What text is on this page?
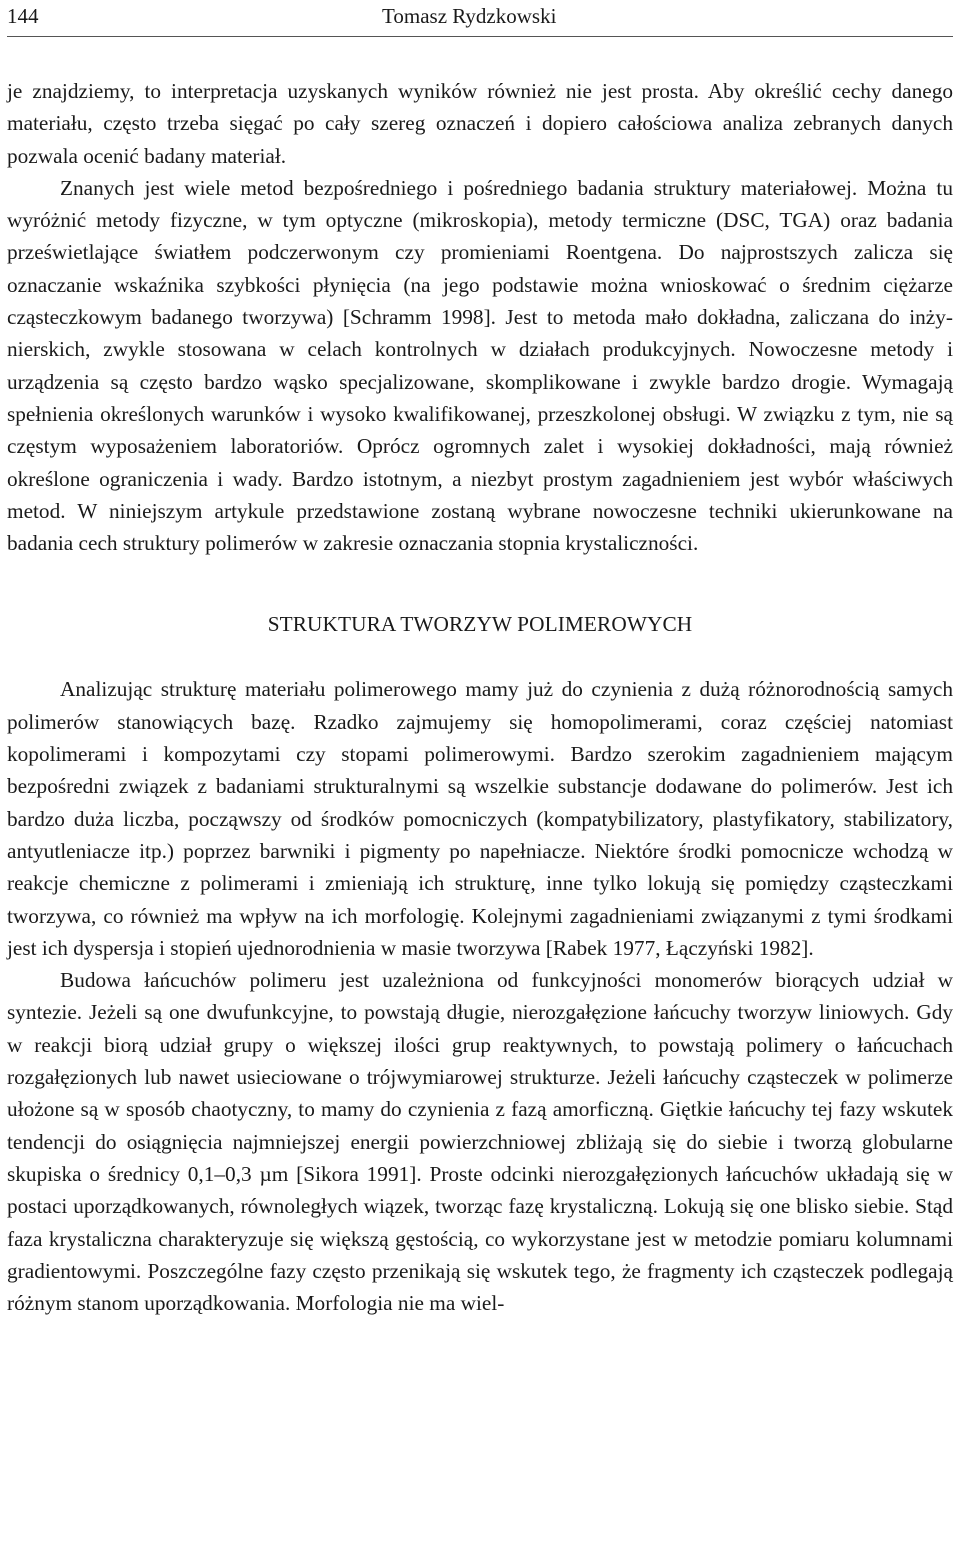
144	Tomasz Rydzkowski

je znajdziemy, to interpretacja uzyskanych wyników również nie jest prosta. Aby określić cechy danego materiału, często trzeba sięgać po cały szereg oznaczeń i dopiero całościowa analiza zebranych danych pozwala ocenić badany materiał.

Znanych jest wiele metod bezpośredniego i pośredniego badania struktury materiałowej. Można tu wyróżnić metody fizyczne, w tym optyczne (mikroskopia), metody termiczne (DSC, TGA) oraz badania prześwietlające światłem podczerwonym czy promieniami Roentgena. Do najprostszych zalicza się oznaczanie wskaźnika szybkości płynięcia (na jego podstawie można wnioskować o średnim ciężarze cząsteczkowym badanego tworzywa) [Schramm 1998]. Jest to metoda mało dokładna, zaliczana do inżynierskich, zwykle stosowana w celach kontrolnych w działach produkcyjnych. Nowoczesne metody i urządzenia są często bardzo wąsko specjalizowane, skomplikowane i zwykle bardzo drogie. Wymagają spełnienia określonych warunków i wysoko kwalifikowanej, przeszkolonej obsługi. W związku z tym, nie są częstym wyposażeniem laboratoriów. Oprócz ogromnych zalet i wysokiej dokładności, mają również określone ograniczenia i wady. Bardzo istotnym, a niezbyt prostym zagadnieniem jest wybór właściwych metod. W niniejszym artykule przedstawione zostaną wybrane nowoczesne techniki ukierunkowane na badania cech struktury polimerów w zakresie oznaczania stopnia krystaliczności.

STRUKTURA TWORZYW POLIMEROWYCH

Analizując strukturę materiału polimerowego mamy już do czynienia z dużą różnorodnością samych polimerów stanowiących bazę. Rzadko zajmujemy się homopolimerami, coraz częściej natomiast kopolimerami i kompozytami czy stopami polimerowymi. Bardzo szerokim zagadnieniem mającym bezpośredni związek z badaniami strukturalnymi są wszelkie substancje dodawane do polimerów. Jest ich bardzo duża liczba, począwszy od środków pomocniczych (kompatybilizatory, plastyfikatory, stabilizatory, antyutleniacze itp.) poprzez barwniki i pigmenty po napełniacze. Niektóre środki pomocnicze wchodzą w reakcje chemiczne z polimerami i zmieniają ich strukturę, inne tylko lokują się pomiędzy cząsteczkami tworzywa, co również ma wpływ na ich morfologię. Kolejnymi zagadnieniami związanymi z tymi środkami jest ich dyspersja i stopień ujednorodnienia w masie tworzywa [Rabek 1977, Łączyński 1982].

Budowa łańcuchów polimeru jest uzależniona od funkcyjności monomerów biorących udział w syntezie. Jeżeli są one dwufunkcyjne, to powstają długie, nierozgałęzione łańcuchy tworzyw liniowych. Gdy w reakcji biorą udział grupy o większej ilości grup reaktywnych, to powstają polimery o łańcuchach rozgałęzionych lub nawet usieciowane o trójwymiarowej strukturze. Jeżeli łańcuchy cząsteczek w polimerze ułożone są w sposób chaotyczny, to mamy do czynienia z fazą amorficzną. Giętkie łańcuchy tej fazy wskutek tendencji do osiągnięcia najmniejszej energii powierzchniowej zbliżają się do siebie i tworzą globularne skupiska o średnicy 0,1–0,3 µm [Sikora 1991]. Proste odcinki nierozgałęzionych łańcuchów układają się w postaci uporządkowanych, równoległych wiązek, tworząc fazę krystaliczną. Lokują się one blisko siebie. Stąd faza krystaliczna charakteryzuje się większą gęstością, co wykorzystane jest w metodzie pomiaru kolumnami gradientowymi. Poszczególne fazy często przenikają się wskutek tego, że fragmenty ich cząsteczek podlegają różnym stanom uporządkowania. Morfologia nie ma wiel-
